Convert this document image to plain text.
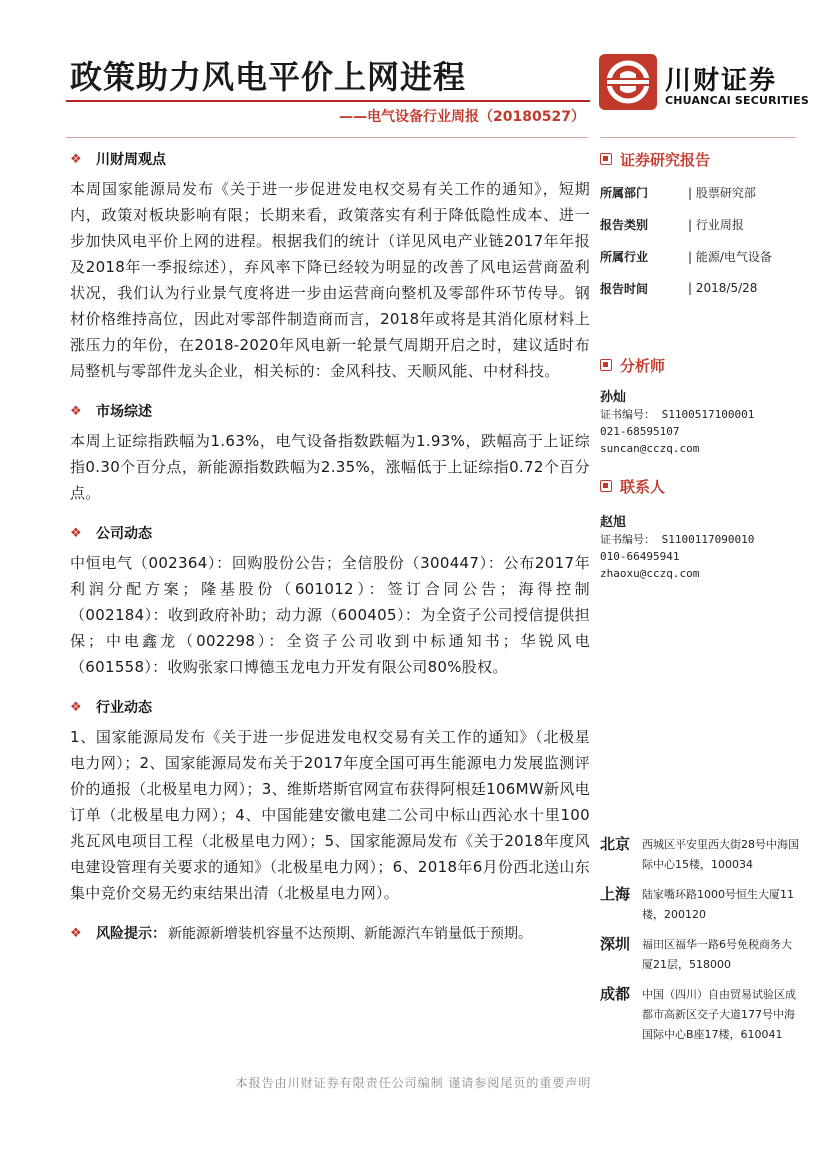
政策助力风电平价上网进程
——电气设备行业周报（20180527）
川财证券
CHUANCAI SECURITIES
❖ 川财周观点

本周国家能源局发布《关于进一步促进发电权交易有关工作的通知》，短期内，政策对板块影响有限；长期来看，政策落实有利于降低隐性成本、进一步加快风电平价上网的进程。根据我们的统计（详见风电产业链2017年年报及2018年一季报综述），弃风率下降已经较为明显的改善了风电运营商盈利状况，我们认为行业景气度将进一步由运营商向整机及零部件环节传导。钢材价格维持高位，因此对零部件制造商而言，2018年或将是其消化原材料上涨压力的年份，在2018-2020年风电新一轮景气周期开启之时，建议适时布局整机与零部件龙头企业，相关标的：金风科技、天顺风能、中材科技。

❖ 市场综述

本周上证综指跌幅为1.63%，电气设备指数跌幅为1.93%，跌幅高于上证综指0.30个百分点，新能源指数跌幅为2.35%，涨幅低于上证综指0.72个百分点。

❖ 公司动态

中恒电气（002364）：回购股份公告；全信股份（300447）：公布2017年利润分配方案；隆基股份（601012）：签订合同公告；海得控制（002184）：收到政府补助；动力源（600405）：为全资子公司授信提供担保；中电鑫龙（002298）：全资子公司收到中标通知书；华锐风电（601558）：收购张家口博德玉龙电力开发有限公司80%股权。

❖ 行业动态

1、国家能源局发布《关于进一步促进发电权交易有关工作的通知》（北极星电力网）；2、国家能源局发布关于2017年度全国可再生能源电力发展监测评价的通报（北极星电力网）；3、维斯塔斯官网宣布获得阿根廷106MW新风电订单（北极星电力网）；4、中国能建安徽电建二公司中标山西沁水十里100兆瓦风电项目工程（北极星电力网）；5、国家能源局发布《关于2018年度风电建设管理有关要求的通知》（北极星电力网）；6、2018年6月份西北送山东集中竞价交易无约束结果出清（北极星电力网）。

❖ 风险提示： 新能源新增装机容量不达预期、新能源汽车销量低于预期。
证券研究报告
所属部门	| 股票研究部
报告类别	| 行业周报
所属行业	| 能源/电气设备
报告时间	| 2018/5/28
分析师
孙灿
证书编号： S1100517100001
021-68595107
suncan@cczq.com
联系人
赵旭
证书编号： S1100117090010
010-66495941
zhaoxu@cczq.com
北京 西城区平安里西大街28号中海国际中心15楼，100034
上海 陆家嘴环路1000号恒生大厦11楼，200120
深圳 福田区福华一路6号免税商务大厦21层，518000
成都 中国（四川）自由贸易试验区成都市高新区交子大道177号中海国际中心B座17楼，610041
本报告由川财证券有限责任公司编制 谨请参阅尾页的重要声明
